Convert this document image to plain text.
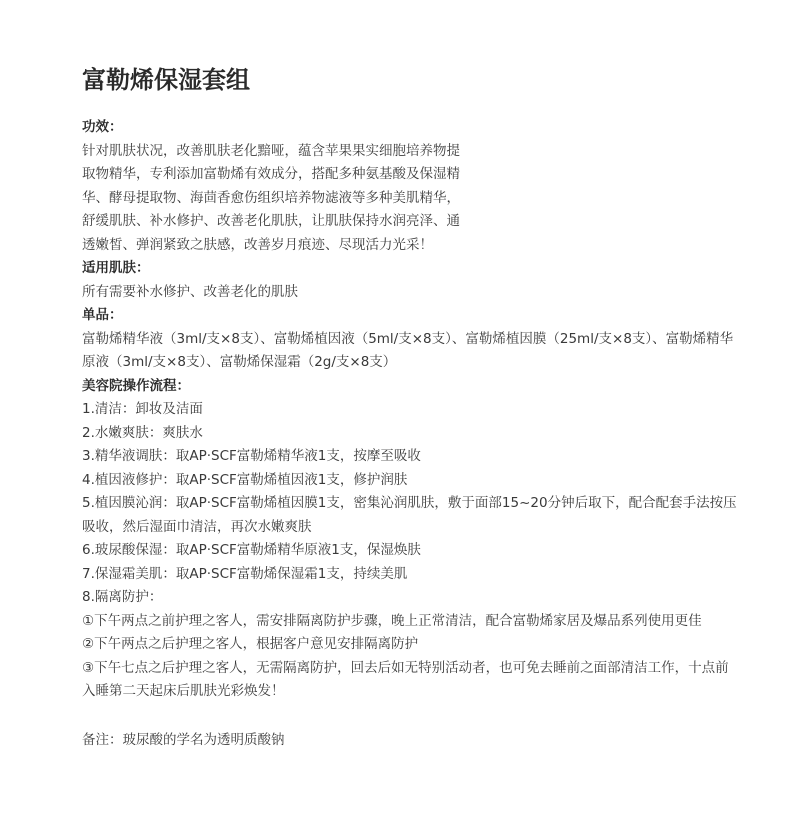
富勒烯保湿套组
功效：

针对肌肤状况，改善肌肤老化黯哑，蕴含苹果果实细胞培养物提取物精华，专利添加富勒烯有效成分，搭配多种氨基酸及保湿精华、酵母提取物、海茴香愈伤组织培养物滤液等多种美肌精华，舒缓肌肤、补水修护、改善老化肌肤，让肌肤保持水润亮泽、通透嫩皙、弹润紧致之肤感，改善岁月痕迹、尽现活力光采！

适用肌肤：

所有需要补水修护、改善老化的肌肤

单品：

富勒烯精华液（3ml/支×8支）、富勒烯植因液（5ml/支×8支）、富勒烯植因膜（25ml/支×8支）、富勒烯精华原液（3ml/支×8支）、富勒烯保湿霜（2g/支×8支）

美容院操作流程：

1.清洁：卸妆及洁面

2.水嫩爽肤：爽肤水

3.精华液调肤：取AP·SCF富勒烯精华液1支，按摩至吸收

4.植因液修护：取AP·SCF富勒烯植因液1支，修护润肤

5.植因膜沁润：取AP·SCF富勒烯植因膜1支，密集沁润肌肤，敷于面部15~20分钟后取下，配合配套手法按压吸收，然后湿面巾清洁，再次水嫩爽肤

6.玻尿酸保湿：取AP·SCF富勒烯精华原液1支，保湿焕肤

7.保湿霜美肌：取AP·SCF富勒烯保湿霜1支，持续美肌

8.隔离防护：

①下午两点之前护理之客人，需安排隔离防护步骤，晚上正常清洁，配合富勒烯家居及爆品系列使用更佳

②下午两点之后护理之客人，根据客户意见安排隔离防护

③下午七点之后护理之客人，无需隔离防护，回去后如无特别活动者，也可免去睡前之面部清洁工作，十点前入睡第二天起床后肌肤光彩焕发！

备注：玻尿酸的学名为透明质酸钠
